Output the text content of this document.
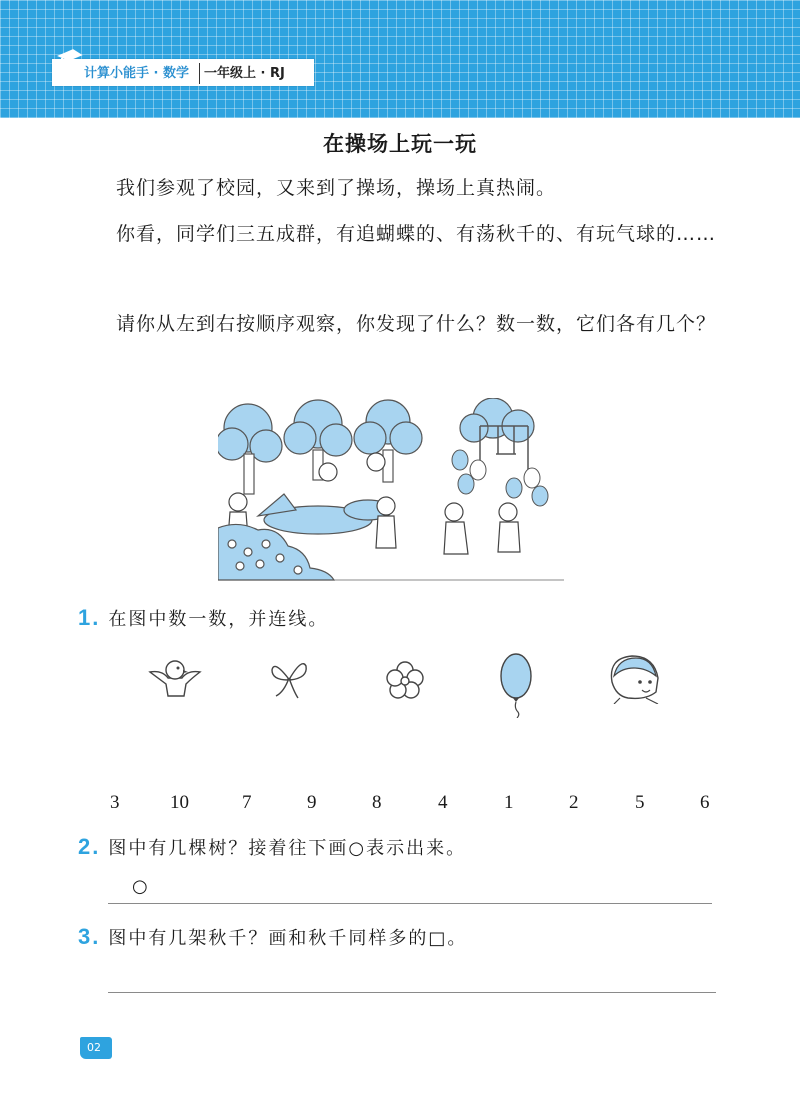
计算小能手 · 数学	一年级上 · RJ
在操场上玩一玩
我们参观了校园，又来到了操场，操场上真热闹。
你看，同学们三五成群，有追蝴蝶的、有荡秋千的、有玩气球的……
请你从左到右按顺序观察，你发现了什么？数一数，它们各有几个？
1. 在图中数一数，并连线。
3	10	7	9	8	4	1	2	5	6
2. 图中有几棵树？接着往下画○表示出来。
○
3. 图中有几架秋千？画和秋千同样多的□。
02
